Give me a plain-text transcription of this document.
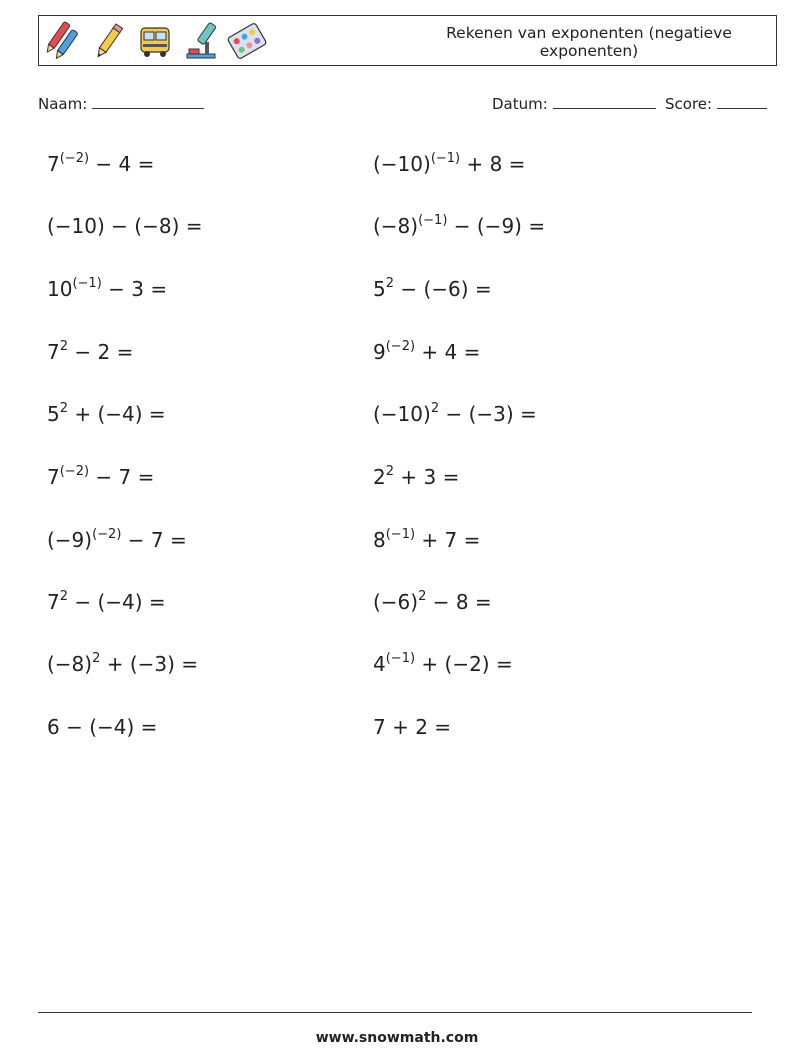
Rekenen van exponenten (negatieve exponenten)
Naam:	Datum:	Score:
$7^{(-2)} - 4$ =	$(-10)^{(-1)} + 8$ =
(−10) − (−8) =	$(-8)^{(-1)} - (-9)$ =
$10^{(-1)} - 3$ =	$5^2 - (-6)$ =
$7^2 - 2$ =	$9^{(-2)} + 4$ =
$5^2 + (-4)$ =	$(-10)^2 - (-3)$ =
$7^{(-2)} - 7$ =	$2^2 + 3$ =
$(-9)^{(-2)} - 7$ =	$8^{(-1)} + 7$ =
$7^2 - (-4)$ =	$(-6)^2 - 8$ =
$(-8)^2 + (-3)$ =	$4^{(-1)} + (-2)$ =
6 − (−4) =	7 + 2 =
www.snowmath.com
